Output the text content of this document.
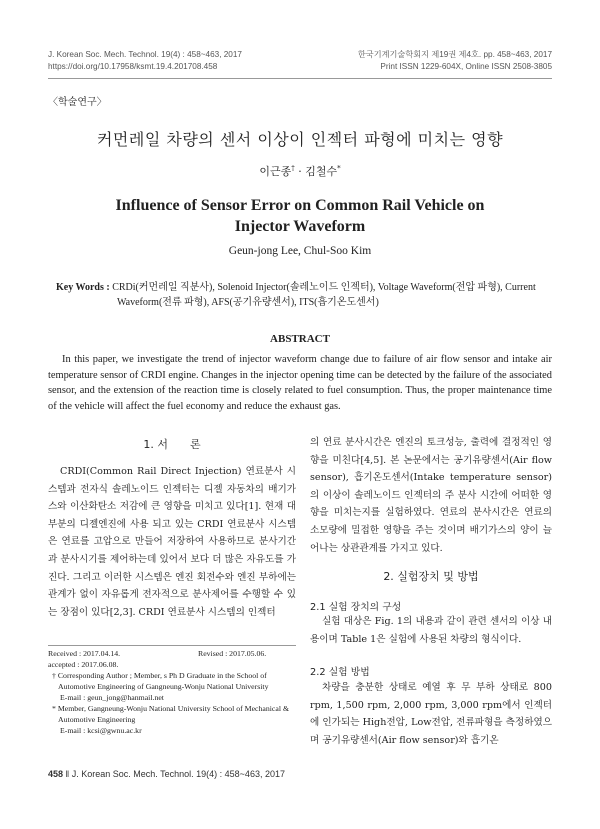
J. Korean Soc. Mech. Technol. 19(4) : 458~463, 2017
https://doi.org/10.17958/ksmt.19.4.201708.458
한국기계기술학회지 제19권 제4호. pp. 458~463, 2017
Print ISSN 1229-604X, Online ISSN 2508-3805
〈학술연구〉
커먼레일 차량의 센서 이상이 인젝터 파형에 미치는 영향
이근종† · 김철수*
Influence of Sensor Error on Common Rail Vehicle on
Injector Waveform
Geun-jong Lee, Chul-Soo Kim
Key Words : CRDi(커먼레일 직분사), Solenoid Injector(솔레노이드 인젝터), Voltage Waveform(전압 파형), Current
Waveform(전류 파형), AFS(공기유량센서), ITS(흡기온도센서)
ABSTRACT
In this paper, we investigate the trend of injector waveform change due to failure of air flow sensor and intake air temperature sensor of CRDI engine. Changes in the injector opening time can be detected by the failure of the associated sensor, and the extension of the reaction time is closely related to fuel consumption. Thus, the proper maintenance time of the vehicle will affect the fuel economy and reduce the exhaust gas.
1. 서　　론
CRDI(Common Rail Direct Injection) 연료분사 시스템과 전자식 솔레노이드 인젝터는 디젤 자동차의 배기가스와 이산화탄소 저감에 큰 영향을 미치고 있다[1]. 현재 대부분의 디젤엔진에 사용 되고 있는 CRDI 연료분사 시스템은 연료를 고압으로 만들어 저장하여 사용하므로 분사기간과 분사시기를 제어하는데 있어서 보다 더 많은 자유도를 가진다. 그리고 이러한 시스템은 엔진 회전수와 엔진 부하에는 관계가 없이 자유롭게 전자적으로 분사제어를 수행할 수 있는 장점이 있다[2,3]. CRDI 연료분사 시스템의 인젝터
Received : 2017.04.14.	Revised : 2017.05.06.
accepted : 2017.06.08.
† Corresponding Author ; Member, s Ph D Graduate in the School of Automotive Engineering of Gangneung-Wonju National University
E-mail : geun_jong@hanmail.net
* Member, Gangneung-Wonju National University School of Mechanical & Automotive Engineering
E-mail : kcsi@gwnu.ac.kr
의 연료 분사시간은 엔진의 토크성능, 출력에 결정적인 영향을 미친다[4,5]. 본 논문에서는 공기유량센서(Air flow sensor), 흡기온도센서(Intake temperature sensor)의 이상이 솔레노이드 인젝터의 주 분사 시간에 어떠한 영향을 미치는지를 실험하였다. 연료의 분사시간은 연료의 소모량에 밀접한 영향을 주는 것이며 배기가스의 양이 늘어나는 상관관계를 가지고 있다.
2. 실험장치 및 방법
2.1 실험 장치의 구성
실험 대상은 Fig. 1의 내용과 같이 관련 센서의 이상 내용이며 Table 1은 실험에 사용된 차량의 형식이다.
2.2 실험 방법
차량을 충분한 상태로 예열 후 무 부하 상태로 800 rpm, 1,500 rpm, 2,000 rpm, 3,000 rpm에서 인젝터에 인가되는 High전압, Low전압, 전류파형을 측정하였으며 공기유량센서(Air flow sensor)와 흡기온
458 ‖ J. Korean Soc. Mech. Technol. 19(4) : 458~463, 2017
